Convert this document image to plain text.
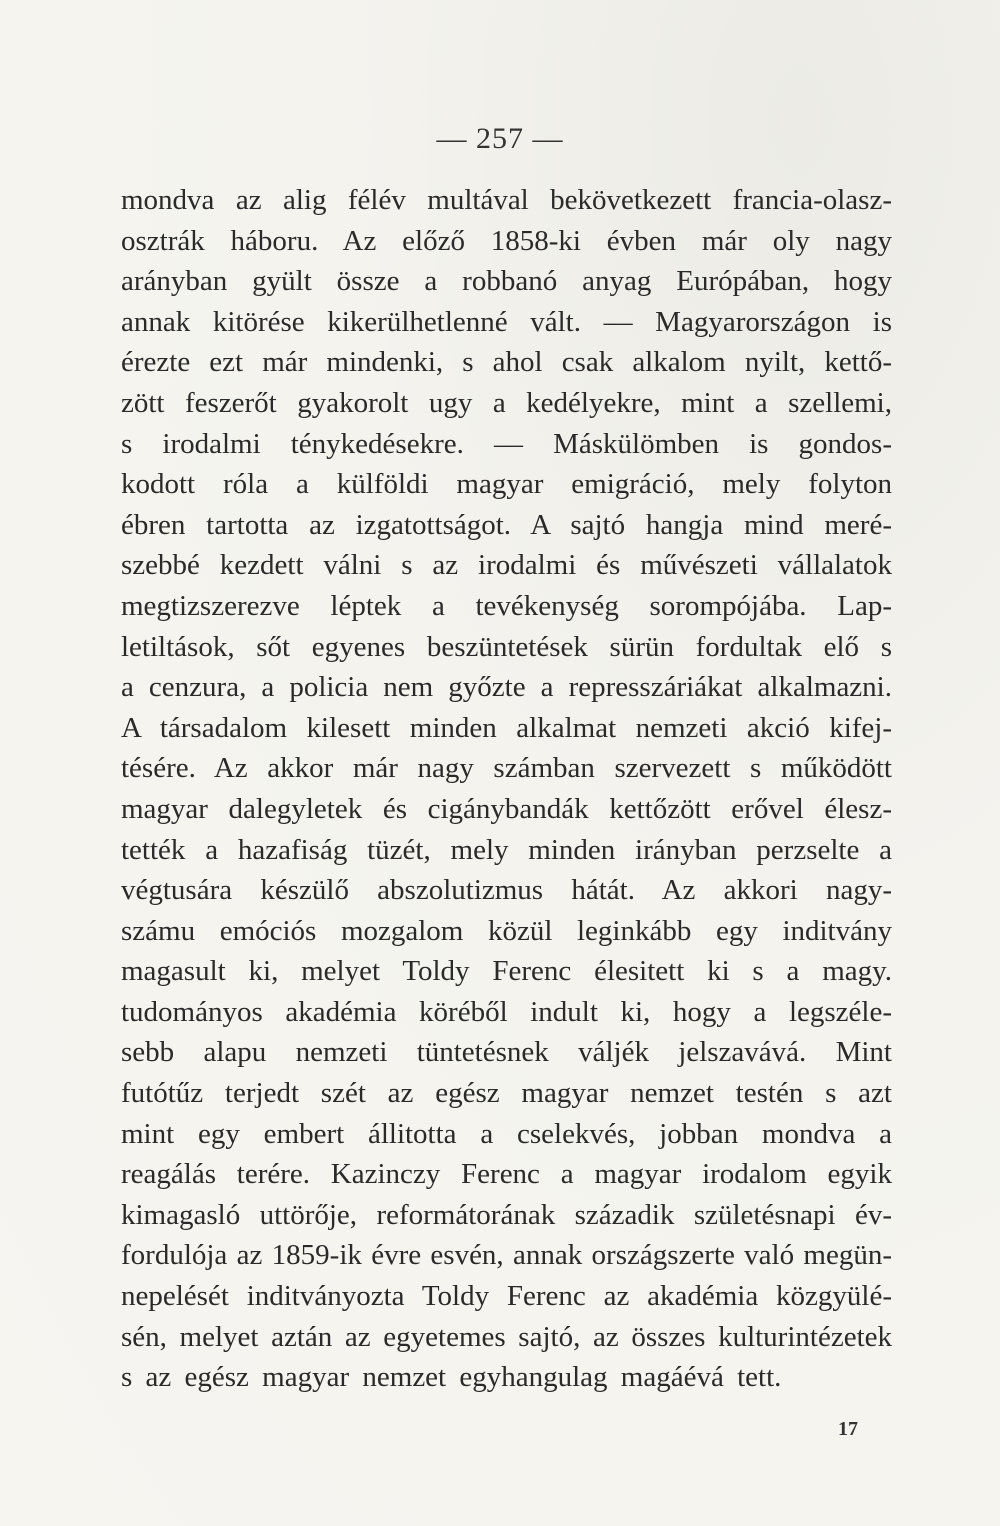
— 257 —
mondva az alig félév multával bekövetkezett francia-olasz-
osztrák háboru. Az előző 1858-ki évben már oly nagy
arányban gyült össze a robbanó anyag Európában, hogy
annak kitörése kikerülhetlenné vált. — Magyarországon is
érezte ezt már mindenki, s ahol csak alkalom nyilt, kettő-
zött feszerőt gyakorolt ugy a kedélyekre, mint a szellemi,
s irodalmi ténykedésekre. — Máskülömben is gondos-
kodott róla a külföldi magyar emigráció, mely folyton
ébren tartotta az izgatottságot. A sajtó hangja mind meré-
szebbé kezdett válni s az irodalmi és művészeti vállalatok
megtizszerezve léptek a tevékenység sorompójába. Lap-
letiltások, sőt egyenes beszüntetések sürün fordultak elő s
a cenzura, a policia nem győzte a represszáriákat alkalmazni.
A társadalom kilesett minden alkalmat nemzeti akció kifej-
tésére. Az akkor már nagy számban szervezett s működött
magyar dalegyletek és cigánybandák kettőzött erővel élesz-
tették a hazafiság tüzét, mely minden irányban perzselte a
végtusára készülő abszolutizmus hátát. Az akkori nagy-
számu emóciós mozgalom közül leginkább egy inditvány
magasult ki, melyet Toldy Ferenc élesitett ki s a magy.
tudományos akadémia köréből indult ki, hogy a legszéle-
sebb alapu nemzeti tüntetésnek váljék jelszavává. Mint
futótűz terjedt szét az egész magyar nemzet testén s azt
mint egy embert állitotta a cselekvés, jobban mondva a
reagálás terére. Kazinczy Ferenc a magyar irodalom egyik
kimagasló uttörője, reformátorának századik születésnapi év-
fordulója az 1859-ik évre esvén, annak országszerte való megün-
nepelését inditványozta Toldy Ferenc az akadémia közgyülé-
sén, melyet aztán az egyetemes sajtó, az összes kulturintézetek
s az egész magyar nemzet egyhangulag magáévá tett.
17
